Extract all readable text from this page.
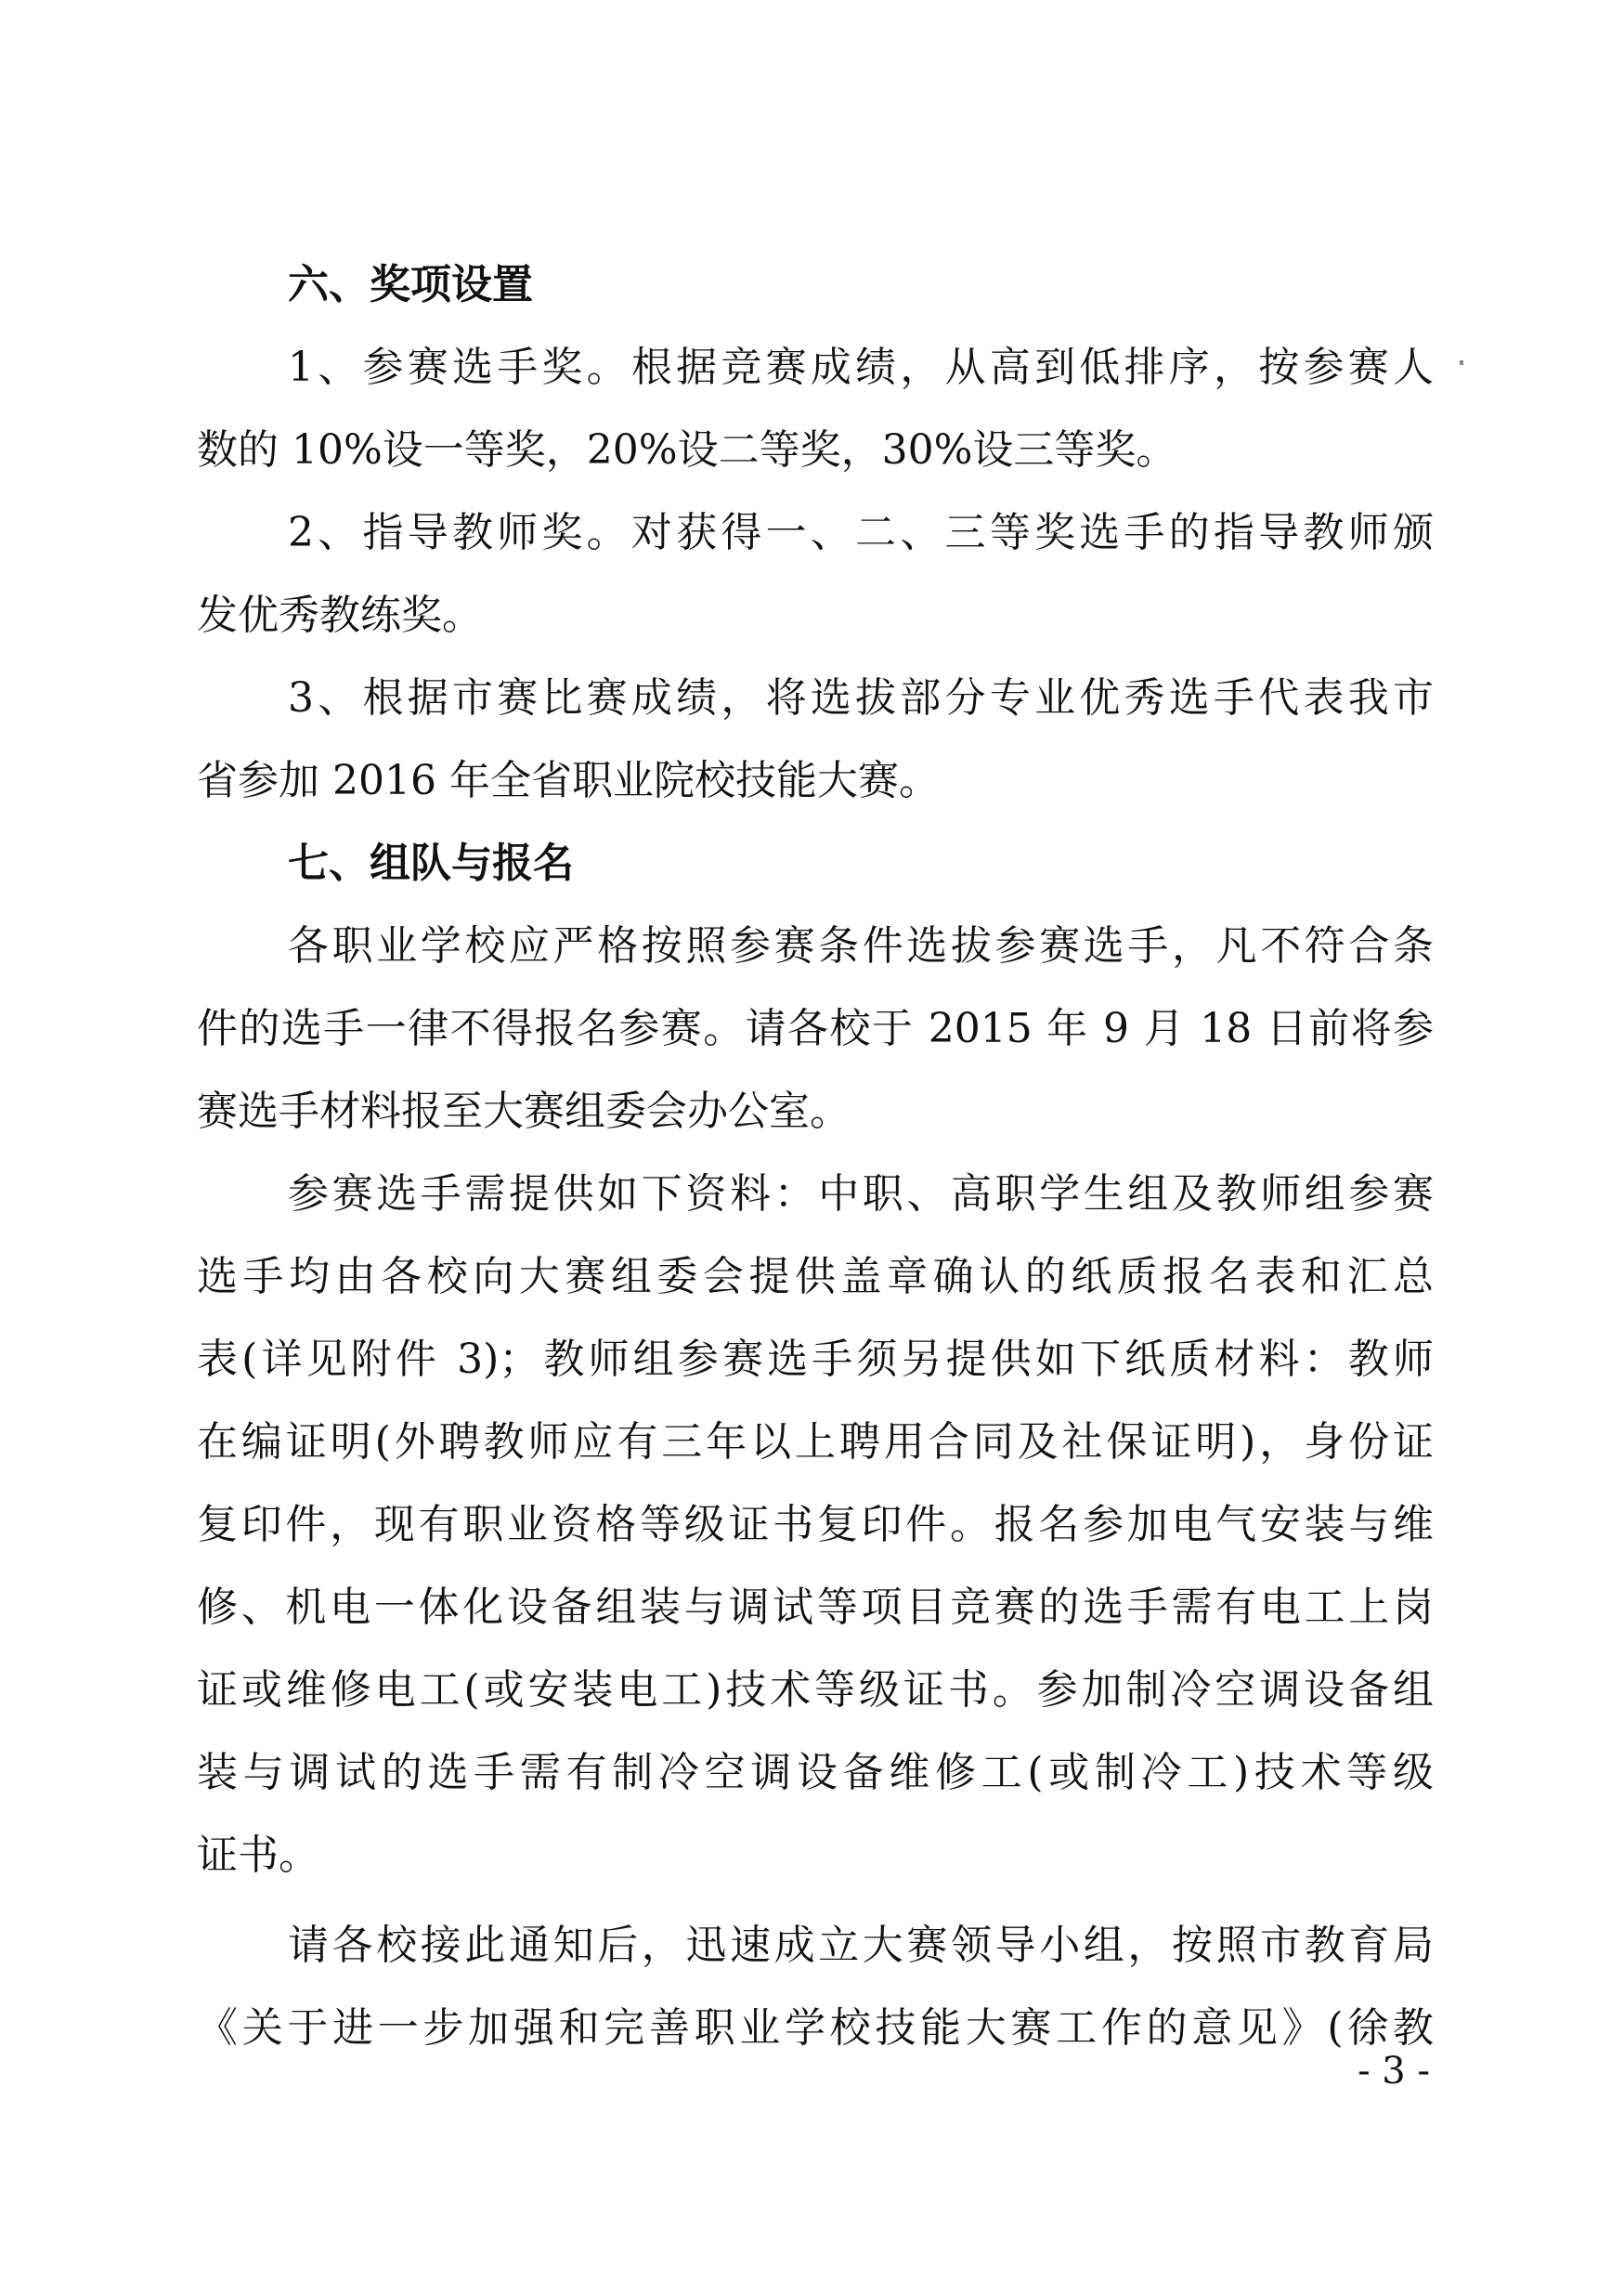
六、奖项设置
1、参赛选手奖。根据竞赛成绩，从高到低排序，按参赛人
数的 10%设一等奖，20%设二等奖，30%设三等奖。
2、指导教师奖。对获得一、二、三等奖选手的指导教师颁
发优秀教练奖。
3、根据市赛比赛成绩，将选拔部分专业优秀选手代表我市
省参加 2016 年全省职业院校技能大赛。
七、组队与报名
各职业学校应严格按照参赛条件选拔参赛选手，凡不符合条
件的选手一律不得报名参赛。请各校于 2015 年 9 月 18 日前将参
赛选手材料报至大赛组委会办公室。
参赛选手需提供如下资料：中职、高职学生组及教师组参赛
选手均由各校向大赛组委会提供盖章确认的纸质报名表和汇总
表(详见附件 3)；教师组参赛选手须另提供如下纸质材料：教师
在编证明(外聘教师应有三年以上聘用合同及社保证明)，身份证
复印件，现有职业资格等级证书复印件。报名参加电气安装与维
修、机电一体化设备组装与调试等项目竞赛的选手需有电工上岗
证或维修电工(或安装电工)技术等级证书。参加制冷空调设备组
装与调试的选手需有制冷空调设备维修工(或制冷工)技术等级
证书。
请各校接此通知后，迅速成立大赛领导小组，按照市教育局
《关于进一步加强和完善职业学校技能大赛工作的意见》(徐教
- 3 -
